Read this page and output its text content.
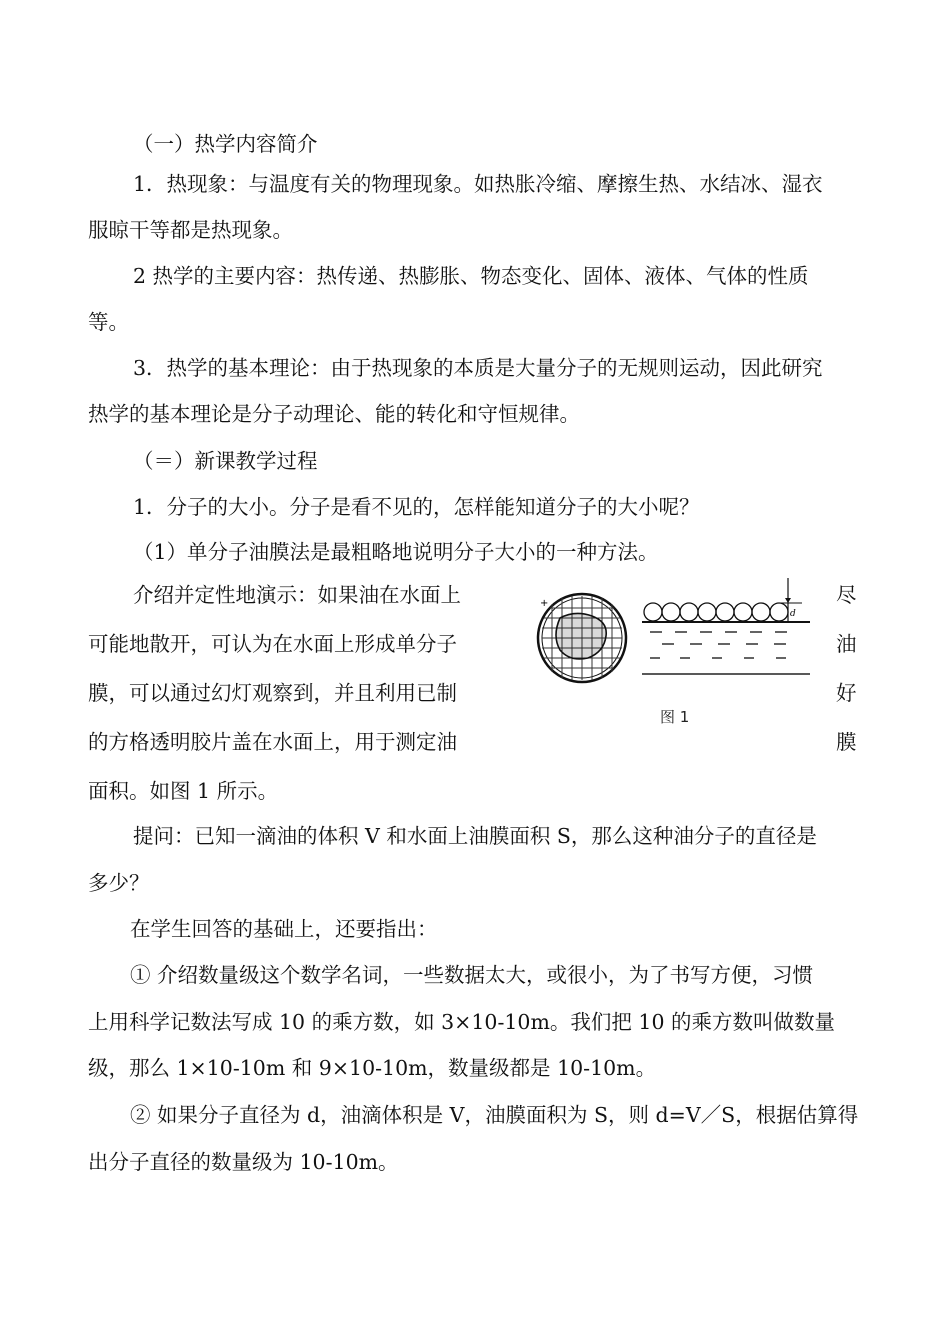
（一）热学内容简介
1．热现象：与温度有关的物理现象。如热胀冷缩、摩擦生热、水结冰、湿衣
服晾干等都是热现象。
2 热学的主要内容：热传递、热膨胀、物态变化、固体、液体、气体的性质
等。
3．热学的基本理论：由于热现象的本质是大量分子的无规则运动，因此研究
热学的基本理论是分子动理论、能的转化和守恒规律。
（＝）新课教学过程
1．分子的大小。分子是看不见的，怎样能知道分子的大小呢？
（1）单分子油膜法是最粗略地说明分子大小的一种方法。
介绍并定性地演示：如果油在水面上	尽
可能地散开，可认为在水面上形成单分子	油
膜，可以通过幻灯观察到，并且利用已制	好
的方格透明胶片盖在水面上，用于测定油	膜
面积。如图 1 所示。
+
d
图 1
提问：已知一滴油的体积 V 和水面上油膜面积 S，那么这种油分子的直径是
多少？
在学生回答的基础上，还要指出：
① 介绍数量级这个数学名词，一些数据太大，或很小，为了书写方便，习惯
上用科学记数法写成 10 的乘方数，如 3×10-10m。我们把 10 的乘方数叫做数量
级，那么 1×10-10m 和 9×10-10m，数量级都是 10-10m。
② 如果分子直径为 d，油滴体积是 V，油膜面积为 S，则 d=V／S，根据估算得
出分子直径的数量级为 10-10m。
